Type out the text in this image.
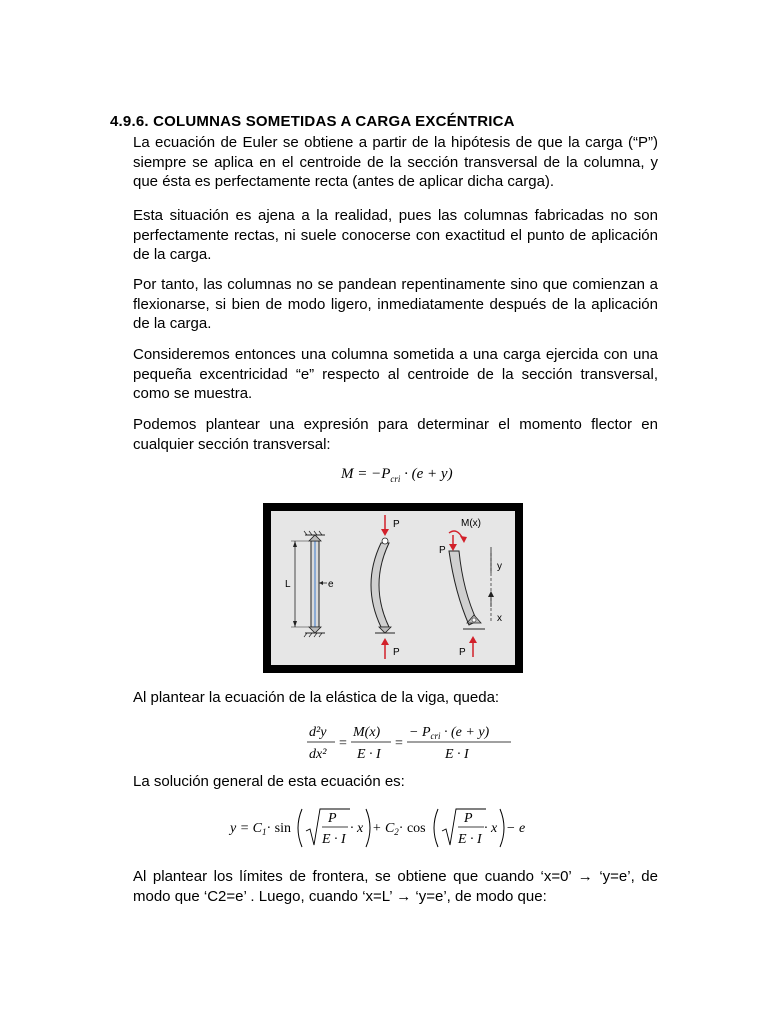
4.9.6. COLUMNAS SOMETIDAS A CARGA EXCÉNTRICA
La ecuación de Euler se obtiene a partir de la hipótesis de que la carga (“P”) siempre se aplica en el centroide de la sección transversal de la columna, y que ésta es perfectamente recta (antes de aplicar dicha carga).
Esta situación es ajena a la realidad, pues las columnas fabricadas no son perfectamente rectas, ni suele conocerse con exactitud el punto de aplicación de la carga.
Por tanto, las columnas no se pandean repentinamente sino que comienzan a flexionarse, si bien de modo ligero, inmediatamente después de la aplicación de la carga.
Consideremos entonces una columna sometida a una carga ejercida con una pequeña excentricidad “e” respecto al centroide de la sección transversal, como se muestra.
Podemos plantear una expresión para determinar el momento flector en cualquier sección transversal:
$M = -P_{cri} \cdot (e + y)$
L	e
P
P
M(x)
P
y
x
P
Al plantear la ecuación de la elástica de la viga, queda:
d²y
dx²
=
M(x)
E · I
=
− $P_{cri} \cdot (e + y)$
E · I
La solución general de esta ecuación es:
$y = C_1\cdot \sin$
P
E · I
· $x + C_2\cdot \cos$
P
E · I
· x − e
Al plantear los límites de frontera, se obtiene que cuando ‘x=0’ → ‘y=e’, de modo que ‘C2=e’ . Luego, cuando ‘x=L’ → ‘y=e’, de modo que:
